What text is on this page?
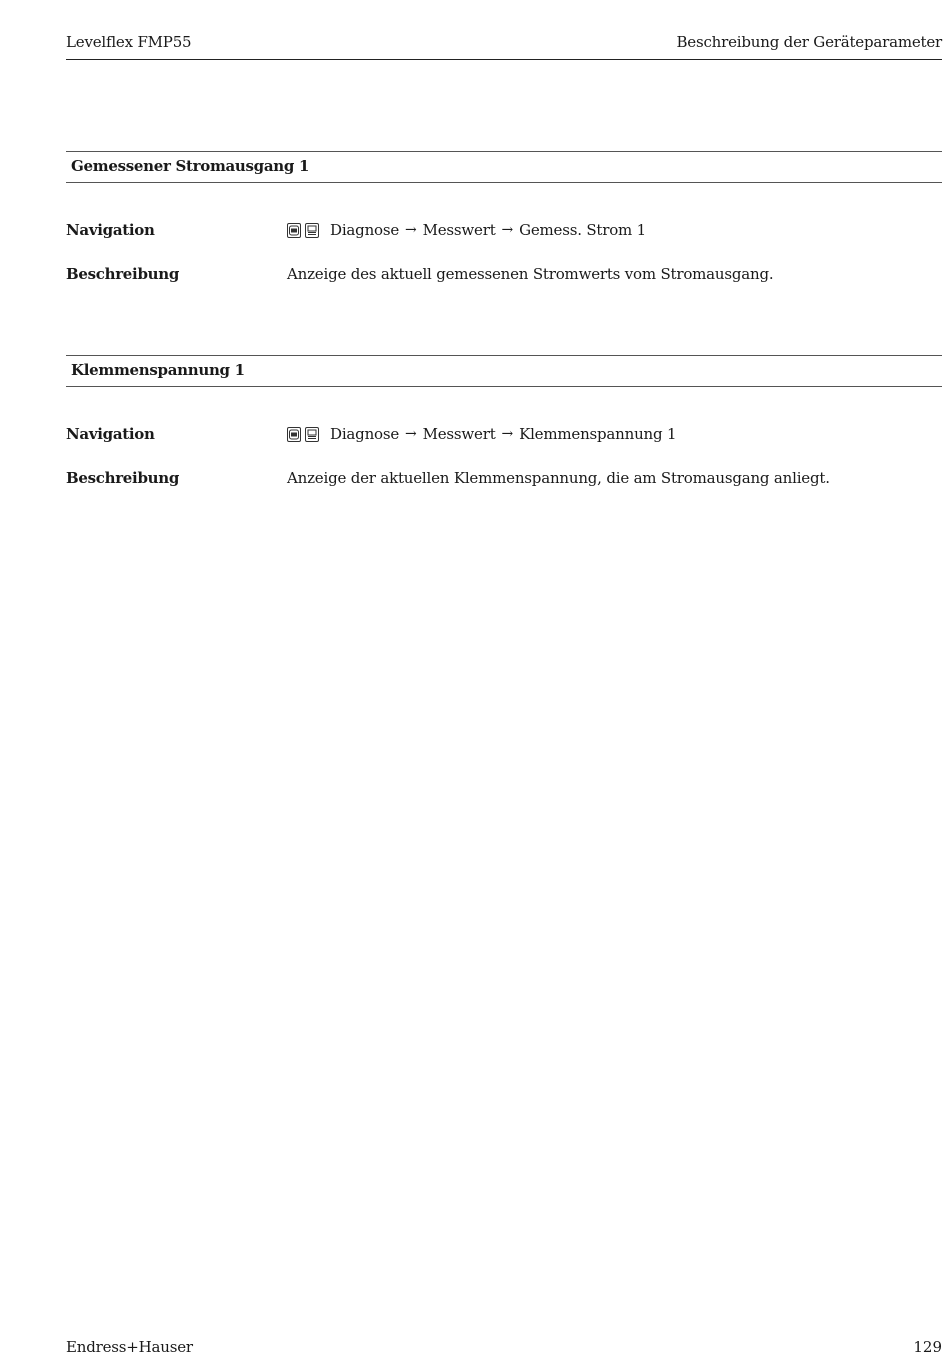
Levelflex FMP55	Beschreibung der Geräteparameter
Gemessener Stromausgang 1
Navigation	Diagnose → Messwert → Gemess. Strom 1
Beschreibung	Anzeige des aktuell gemessenen Stromwerts vom Stromausgang.
Klemmenspannung 1
Navigation	Diagnose → Messwert → Klemmenspannung 1
Beschreibung	Anzeige der aktuellen Klemmenspannung, die am Stromausgang anliegt.
Endress+Hauser	129
